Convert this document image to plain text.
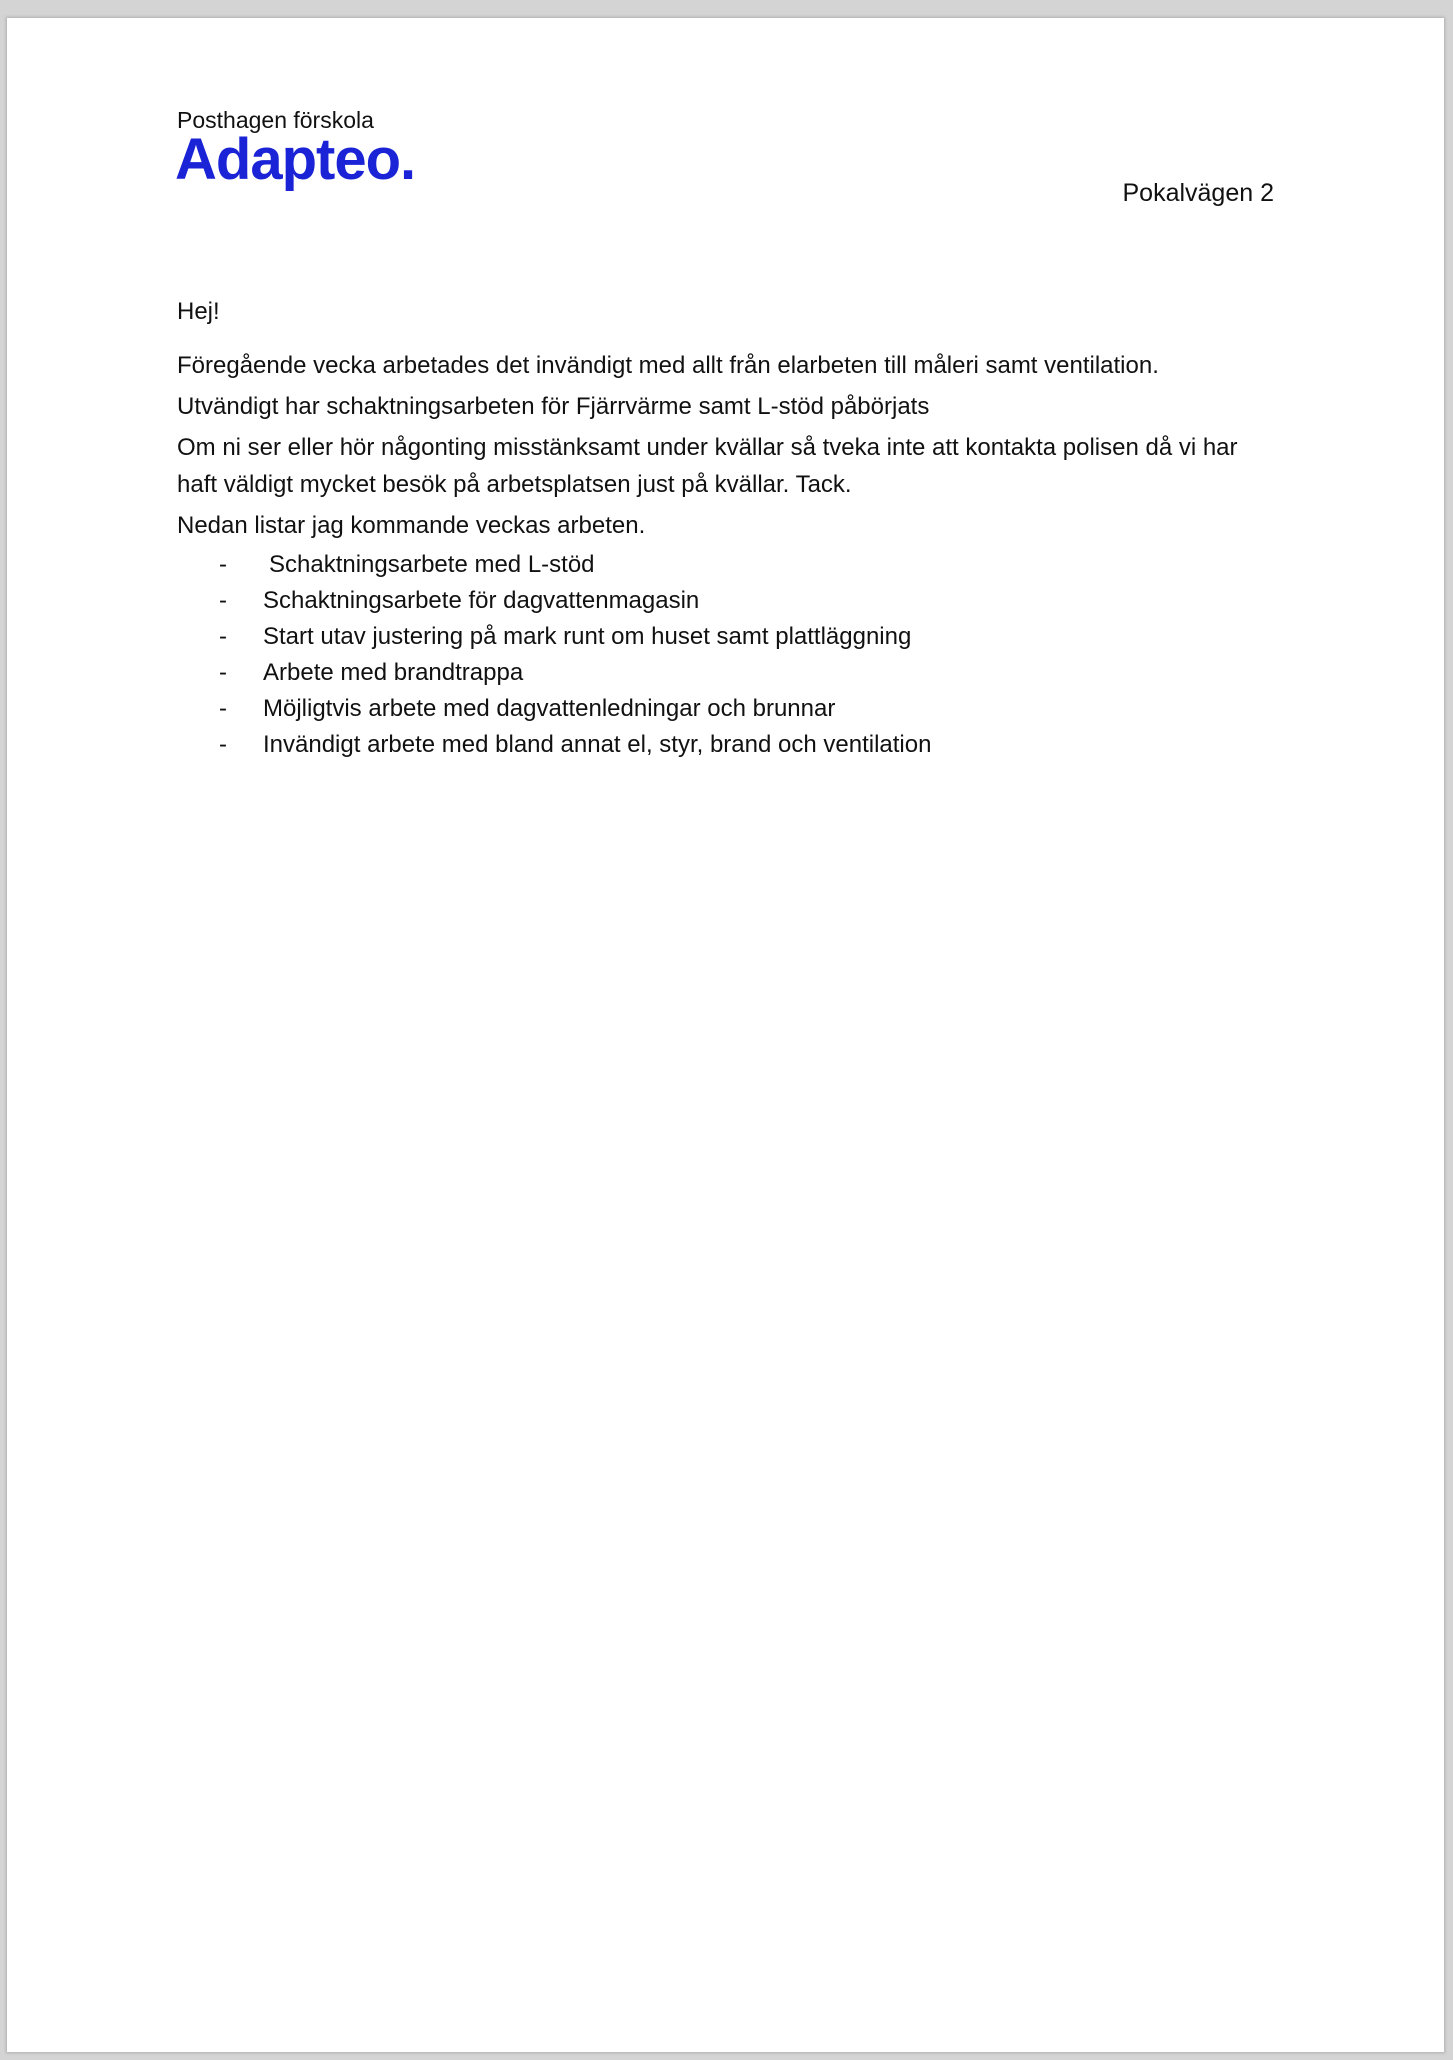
Posthagen förskola
Adapteo.
Pokalvägen 2
Hej!
Föregående vecka arbetades det invändigt med allt från elarbeten till måleri samt ventilation.
Utvändigt har schaktningsarbeten för Fjärrvärme samt L-stöd påbörjats
Om ni ser eller hör någonting misstänksamt under kvällar så tveka inte att kontakta polisen då vi har
haft väldigt mycket besök på arbetsplatsen just på kvällar. Tack.
Nedan listar jag kommande veckas arbeten.
- Schaktningsarbete med L-stöd
- Schaktningsarbete för dagvattenmagasin
- Start utav justering på mark runt om huset samt plattläggning
- Arbete med brandtrappa
- Möjligtvis arbete med dagvattenledningar och brunnar
- Invändigt arbete med bland annat el, styr, brand och ventilation
